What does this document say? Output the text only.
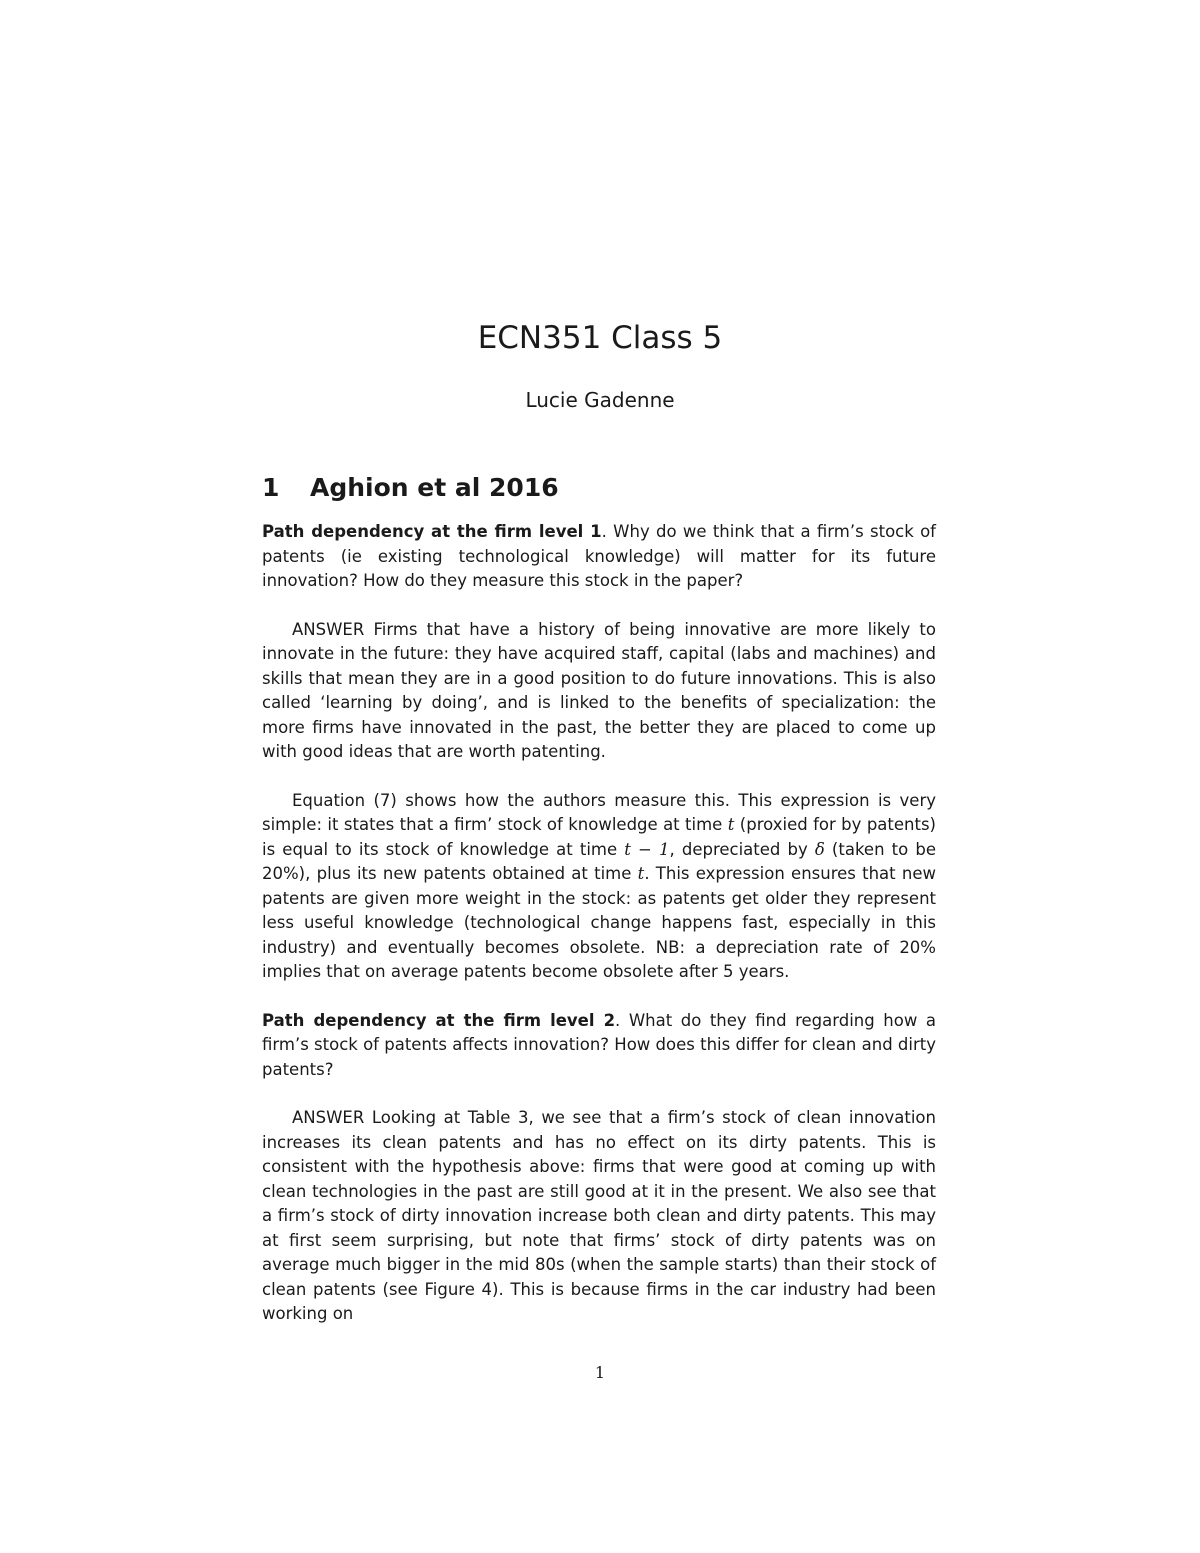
ECN351 Class 5

Lucie Gadenne

1 Aghion et al 2016

Path dependency at the firm level 1. Why do we think that a firm’s stock of patents (ie existing technological knowledge) will matter for its future innovation? How do they measure this stock in the paper?

ANSWER Firms that have a history of being innovative are more likely to innovate in the future: they have acquired staff, capital (labs and machines) and skills that mean they are in a good position to do future innovations. This is also called ‘learning by doing’, and is linked to the benefits of specialization: the more firms have innovated in the past, the better they are placed to come up with good ideas that are worth patenting.

Equation (7) shows how the authors measure this. This expression is very simple: it states that a firm’ stock of knowledge at time t (proxied for by patents) is equal to its stock of knowledge at time t − 1, depreciated by δ (taken to be 20%), plus its new patents obtained at time t. This expression ensures that new patents are given more weight in the stock: as patents get older they represent less useful knowledge (technological change happens fast, especially in this industry) and eventually becomes obsolete. NB: a depreciation rate of 20% implies that on average patents become obsolete after 5 years.

Path dependency at the firm level 2. What do they find regarding how a firm’s stock of patents affects innovation? How does this differ for clean and dirty patents?

ANSWER Looking at Table 3, we see that a firm’s stock of clean innovation increases its clean patents and has no effect on its dirty patents. This is consistent with the hypothesis above: firms that were good at coming up with clean technologies in the past are still good at it in the present. We also see that a firm’s stock of dirty innovation increase both clean and dirty patents. This may at first seem surprising, but note that firms’ stock of dirty patents was on average much bigger in the mid 80s (when the sample starts) than their stock of clean patents (see Figure 4). This is because firms in the car industry had been working on

1
